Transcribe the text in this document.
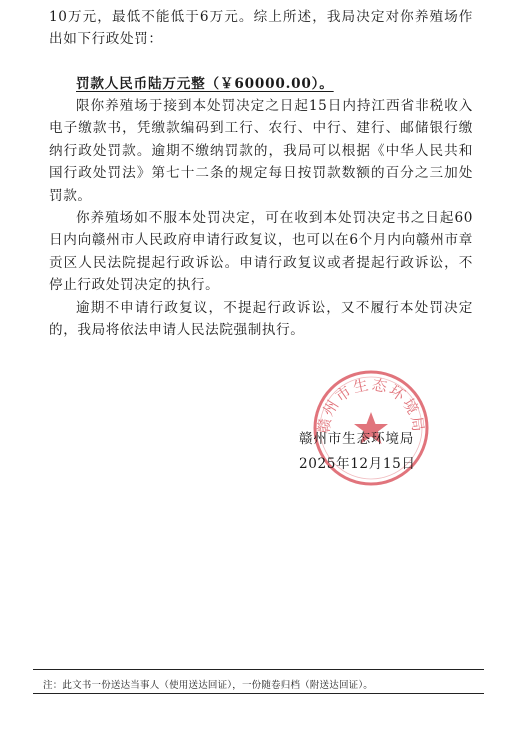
10万元，最低不能低于6万元。综上所述，我局决定对你养殖场作出如下行政处罚：

罚款人民币陆万元整（￥60000.00）。

限你养殖场于接到本处罚决定之日起15日内持江西省非税收入电子缴款书，凭缴款编码到工行、农行、中行、建行、邮储银行缴纳行政处罚款。逾期不缴纳罚款的，我局可以根据《中华人民共和国行政处罚法》第七十二条的规定每日按罚款数额的百分之三加处罚款。

你养殖场如不服本处罚决定，可在收到本处罚决定书之日起60日内向赣州市人民政府申请行政复议，也可以在6个月内向赣州市章贡区人民法院提起行政诉讼。申请行政复议或者提起行政诉讼，不停止行政处罚决定的执行。

逾期不申请行政复议，不提起行政诉讼，又不履行本处罚决定的，我局将依法申请人民法院强制执行。

赣州市生态环境局
赣州市生态环境局
2025年12月15日
注：此文书一份送达当事人（使用送达回证），一份随卷归档（附送达回证）。
